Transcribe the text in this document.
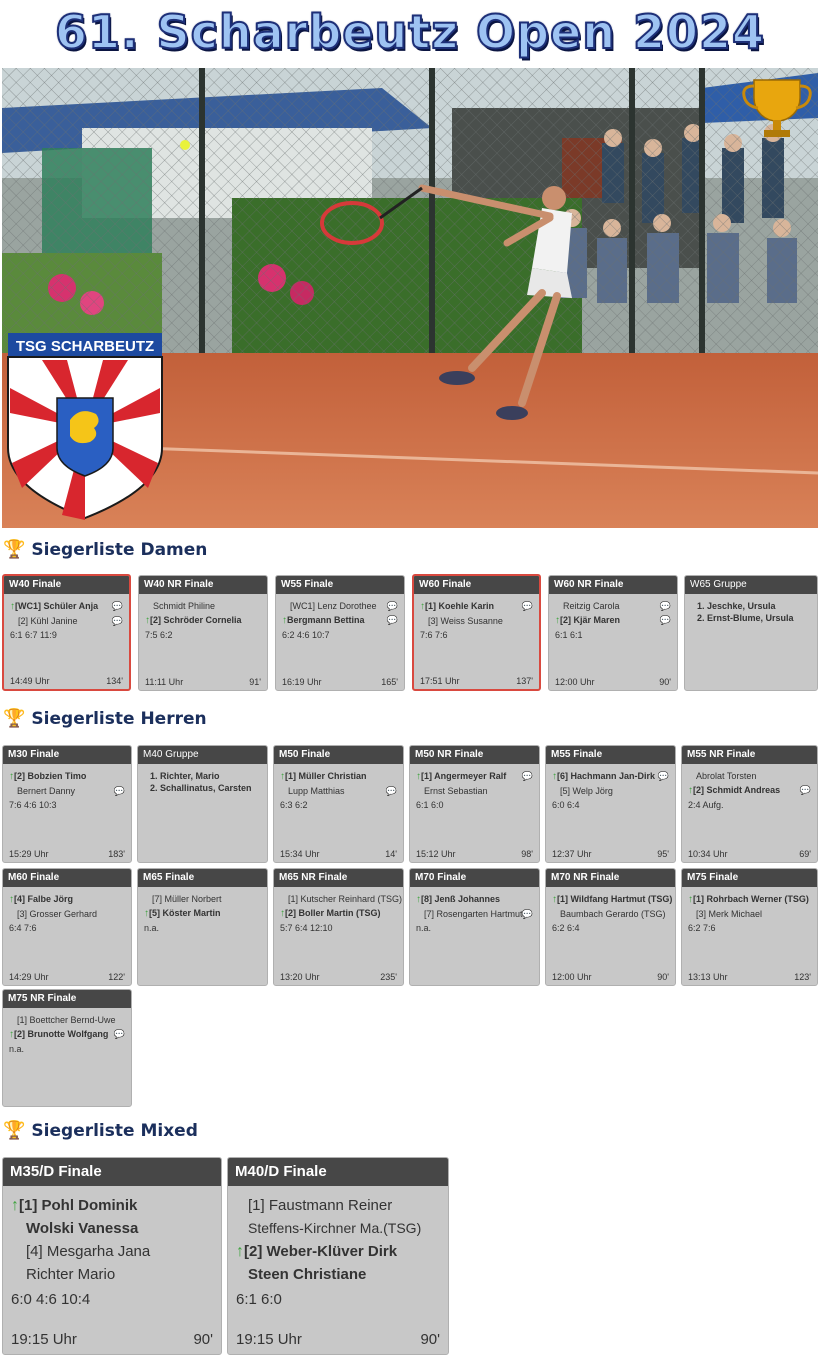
61. Scharbeutz Open 2024
TSG SCHARBEUTZ
🏆 Siegerliste Damen
W40 Finale
↑[WC1] Schüler Anja 💬
[2] Kühl Janine	💬
6:1 6:7 11:9
14:49 Uhr	134'
W40 NR Finale
Schmidt Philine
↑[2] Schröder Cornelia
7:5 6:2
11:11 Uhr	91'
W55 Finale
[WC1] Lenz Dorothee 💬
↑Bergmann Bettina 💬
6:2 4:6 10:7
16:19 Uhr	165'
W60 Finale
↑[1] Koehle Karin	💬
[3] Weiss Susanne
7:6 7:6
17:51 Uhr	137'
W60 NR Finale
Reitzig Carola	💬
↑[2] Kjär Maren	💬
6:1 6:1
12:00 Uhr	90'
W65 Gruppe
1. Jeschke, Ursula
2. Ernst-Blume, Ursula
🏆 Siegerliste Herren
M30 Finale
↑[2] Bobzien Timo
Bernert Danny	💬
7:6 4:6 10:3
15:29 Uhr	183'
M40 Gruppe
1. Richter, Mario
2. Schallinatus, Carsten
M50 Finale
↑[1] Müller Christian
Lupp Matthias	💬
6:3 6:2
15:34 Uhr	14'
M50 NR Finale
↑[1] Angermeyer Ralf 💬
Ernst Sebastian
6:1 6:0
15:12 Uhr	98'
M55 Finale
↑[6] Hachmann Jan-Dirk 💬
[5] Welp Jörg
6:0 6:4
12:37 Uhr	95'
M55 NR Finale
Abrolat Torsten
↑[2] Schmidt Andreas 💬
2:4 Aufg.
10:34 Uhr	69'
M60 Finale
↑[4] Falbe Jörg
[3] Grosser Gerhard
6:4 7:6
14:29 Uhr	122'
M65 Finale
[7] Müller Norbert
↑[5] Köster Martin
n.a.
M65 NR Finale
[1] Kutscher Reinhard (TSG)
↑[2] Boller Martin (TSG)
5:7 6:4 12:10
13:20 Uhr	235'
M70 Finale
↑[8] Jenß Johannes
[7] Rosengarten Hartmut 💬
n.a.
M70 NR Finale
↑[1] Wildfang Hartmut (TSG)
Baumbach Gerardo (TSG)
6:2 6:4
12:00 Uhr	90'
M75 Finale
↑[1] Rohrbach Werner (TSG)
[3] Merk Michael
6:2 7:6
13:13 Uhr	123'
M75 NR Finale
[1] Boettcher Bernd-Uwe
↑[2] Brunotte Wolfgang 💬
n.a.
🏆 Siegerliste Mixed
M35/D Finale
↑[1] Pohl Dominik
Wolski Vanessa
[4] Mesgarha Jana
Richter Mario
6:0 4:6 10:4
19:15 Uhr	90'
M40/D Finale
[1] Faustmann Reiner
Steffens-Kirchner Ma.(TSG)
↑[2] Weber-Klüver Dirk
Steen Christiane
6:1 6:0
19:15 Uhr	90'
